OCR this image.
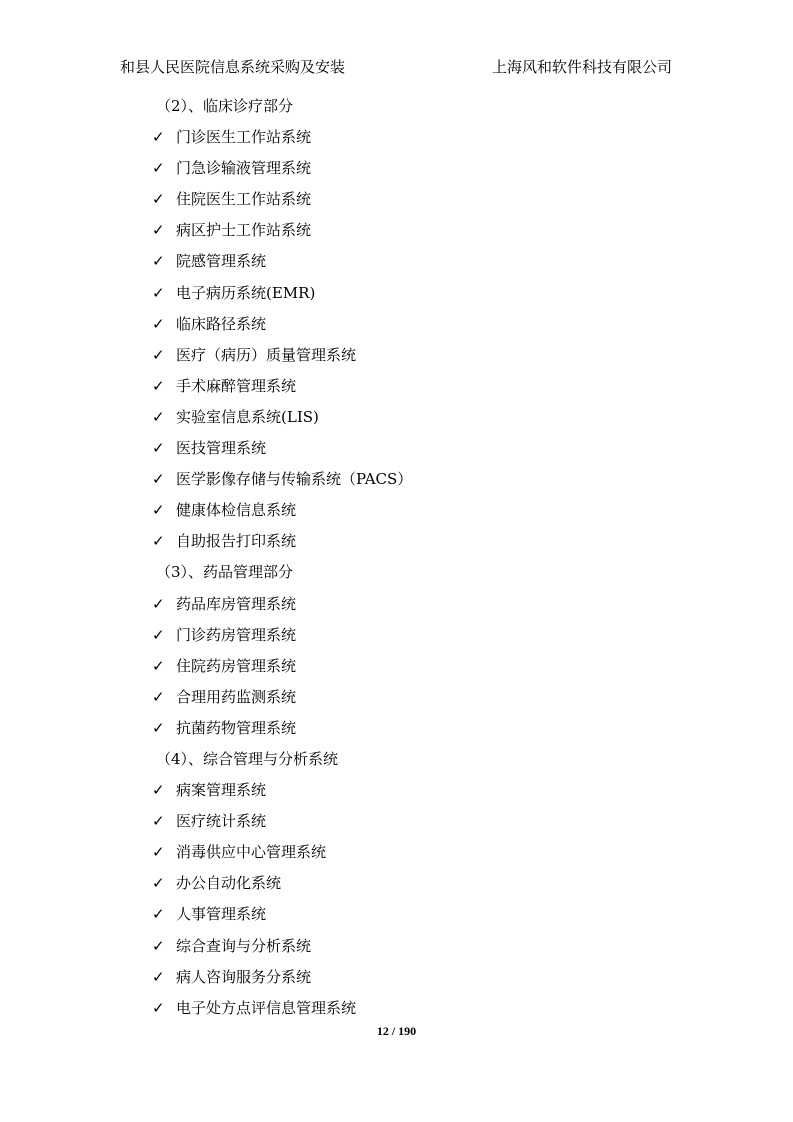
和县人民医院信息系统采购及安装	上海风和软件科技有限公司
（2）、临床诊疗部分
✓ 门诊医生工作站系统
✓ 门急诊输液管理系统
✓ 住院医生工作站系统
✓ 病区护士工作站系统
✓ 院感管理系统
✓ 电子病历系统(EMR)
✓ 临床路径系统
✓ 医疗（病历）质量管理系统
✓ 手术麻醉管理系统
✓ 实验室信息系统(LIS)
✓ 医技管理系统
✓ 医学影像存储与传输系统（PACS）
✓ 健康体检信息系统
✓ 自助报告打印系统
（3）、药品管理部分
✓ 药品库房管理系统
✓ 门诊药房管理系统
✓ 住院药房管理系统
✓ 合理用药监测系统
✓ 抗菌药物管理系统
（4）、综合管理与分析系统
✓ 病案管理系统
✓ 医疗统计系统
✓ 消毒供应中心管理系统
✓ 办公自动化系统
✓ 人事管理系统
✓ 综合查询与分析系统
✓ 病人咨询服务分系统
✓ 电子处方点评信息管理系统
12 / 190
